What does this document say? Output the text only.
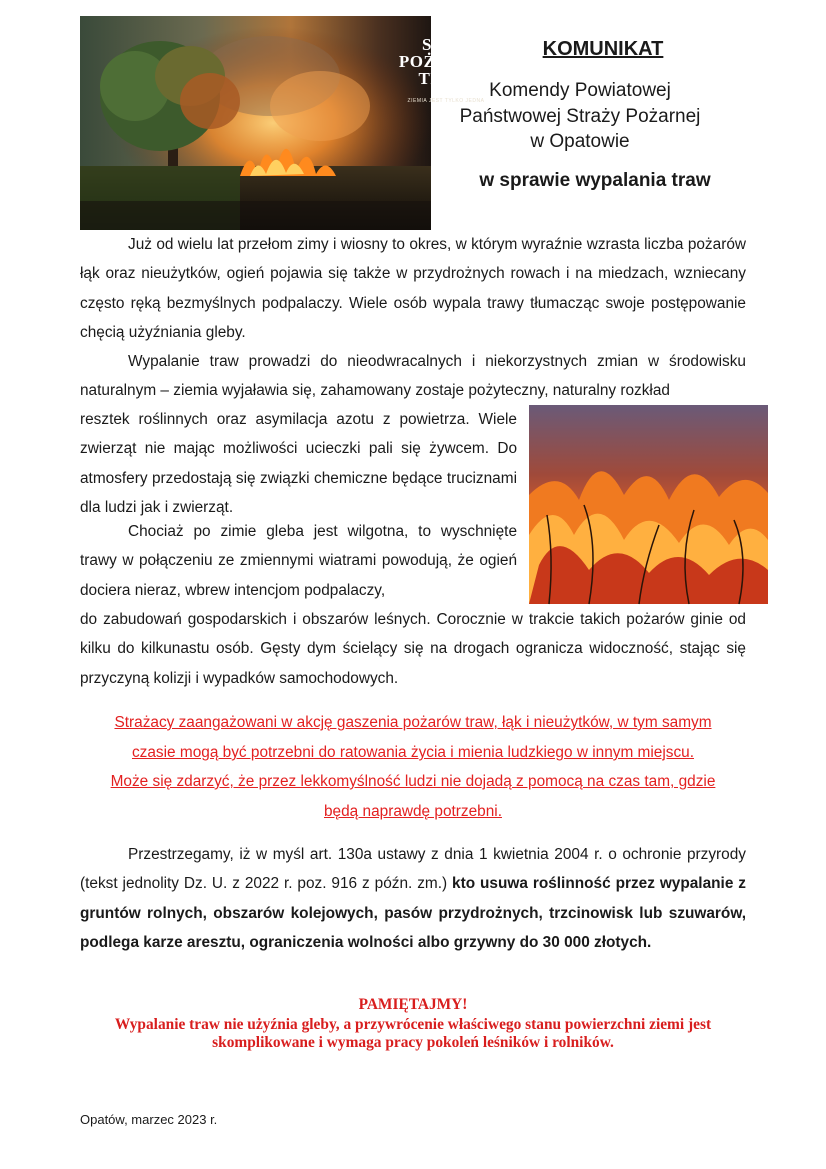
STOP
POŻAROM
TRAW
ZIEMIA JEST TYLKO JEDNA
KOMUNIKAT
Komendy Powiatowej
Państwowej Straży Pożarnej
w Opatowie
w sprawie wypalania traw

Już od wielu lat przełom zimy i wiosny to okres, w którym wyraźnie wzrasta liczba pożarów łąk oraz nieużytków, ogień pojawia się także w przydrożnych rowach i na miedzach, wzniecany często ręką bezmyślnych podpalaczy. Wiele osób wypala trawy tłumacząc swoje postępowanie chęcią użyźniania gleby.

Wypalanie traw prowadzi do nieodwracalnych i niekorzystnych zmian w środowisku naturalnym – ziemia wyjaławia się, zahamowany zostaje pożyteczny, naturalny rozkład

resztek roślinnych oraz asymilacja azotu z powietrza. Wiele zwierząt nie mając możliwości ucieczki pali się żywcem. Do atmosfery przedostają się związki chemiczne będące truciznami dla ludzi jak i zwierząt.

Chociaż po zimie gleba jest wilgotna, to wyschnięte trawy w połączeniu ze zmiennymi wiatrami powodują, że ogień dociera nieraz, wbrew intencjom podpalaczy,

do zabudowań gospodarskich i obszarów leśnych. Corocznie w trakcie takich pożarów ginie od kilku do kilkunastu osób. Gęsty dym ścielący się na drogach ogranicza widoczność, stając się przyczyną kolizji i wypadków samochodowych.

Strażacy zaangażowani w akcję gaszenia pożarów traw, łąk i nieużytków, w tym samym

czasie mogą być potrzebni do ratowania życia i mienia ludzkiego w innym miejscu.

Może się zdarzyć, że przez lekkomyślność ludzi nie dojadą z pomocą na czas tam, gdzie

będą naprawdę potrzebni.

Przestrzegamy, iż w myśl art. 130a ustawy z dnia 1 kwietnia 2004 r. o ochronie przyrody (tekst jednolity Dz. U. z 2022 r. poz. 916 z późn. zm.) kto usuwa roślinność przez wypalanie z gruntów rolnych, obszarów kolejowych, pasów przydrożnych, trzcinowisk lub szuwarów, podlega karze aresztu, ograniczenia wolności albo grzywny do 30 000 złotych.

PAMIĘTAJMY!

Wypalanie traw nie użyźnia gleby, a przywrócenie właściwego stanu powierzchni ziemi jest

skomplikowane i wymaga pracy pokoleń leśników i rolników.

Opatów, marzec 2023 r.
